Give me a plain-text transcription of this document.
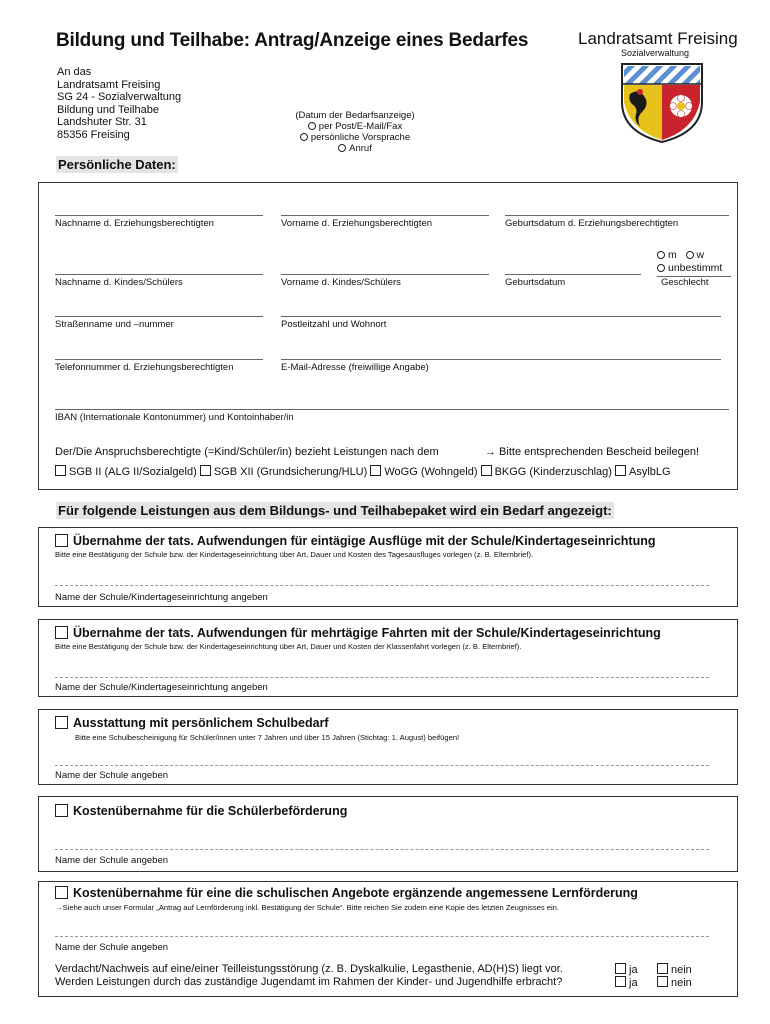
Bildung und Teilhabe: Antrag/Anzeige eines Bedarfes	Landratsamt Freising
Sozialverwaltung
An das
Landratsamt Freising
SG 24 - Sozialverwaltung
Bildung und Teilhabe
Landshuter Str. 31
85356 Freising
(Datum der Bedarfsanzeige)
per Post/E-Mail/Fax
persönliche Vorsprache
Anruf
Persönliche Daten:
Nachname d. Erziehungsberechtigten	Vorname d. Erziehungsberechtigten	Geburtsdatum d. Erziehungsberechtigten
Nachname d. Kindes/Schülers	Vorname d. Kindes/Schülers	Geburtsdatum
m w
unbestimmt
Geschlecht
Straßenname und –nummer	Postleitzahl und Wohnort
Telefonnummer d. Erziehungsberechtigten	E-Mail-Adresse (freiwillige Angabe)
IBAN (Internationale Kontonummer) und Kontoinhaber/in
Der/Die Anspruchsberechtigte (=Kind/Schüler/in) bezieht Leistungen nach dem	→ Bitte entsprechenden Bescheid beilegen!
SGB II (ALG II/Sozialgeld) SGB XII (Grundsicherung/HLU) WoGG (Wohngeld) BKGG (Kinderzuschlag) AsylbLG
Für folgende Leistungen aus dem Bildungs- und Teilhabepaket wird ein Bedarf angezeigt:
Übernahme der tats. Aufwendungen für eintägige Ausflüge mit der Schule/Kindertageseinrichtung
Bitte eine Bestätigung der Schule bzw. der Kindertageseinrichtung über Art, Dauer und Kosten des Tagesausfluges vorlegen (z. B. Elternbrief).
Name der Schule/Kindertageseinrichtung angeben
Übernahme der tats. Aufwendungen für mehrtägige Fahrten mit der Schule/Kindertageseinrichtung
Bitte eine Bestätigung der Schule bzw. der Kindertageseinrichtung über Art, Dauer und Kosten der Klassenfahrt vorlegen (z. B. Elternbrief).
Name der Schule/Kindertageseinrichtung angeben
Ausstattung mit persönlichem Schulbedarf
Bitte eine Schulbescheinigung für Schüler/innen unter 7 Jahren und über 15 Jahren (Stichtag: 1. August) beifügen!
Name der Schule angeben
Kostenübernahme für die Schülerbeförderung
Name der Schule angeben
Kostenübernahme für eine die schulischen Angebote ergänzende angemessene Lernförderung
→Siehe auch unser Formular „Antrag auf Lernförderung inkl. Bestätigung der Schule“. Bitte reichen Sie zudem eine Kopie des letzten Zeugnisses ein.
Name der Schule angeben
Verdacht/Nachweis auf eine/einer Teilleistungsstörung (z. B. Dyskalkulie, Legasthenie, AD(H)S) liegt vor.	ja	nein
Werden Leistungen durch das zuständige Jugendamt im Rahmen der Kinder- und Jugendhilfe erbracht?	ja	nein
